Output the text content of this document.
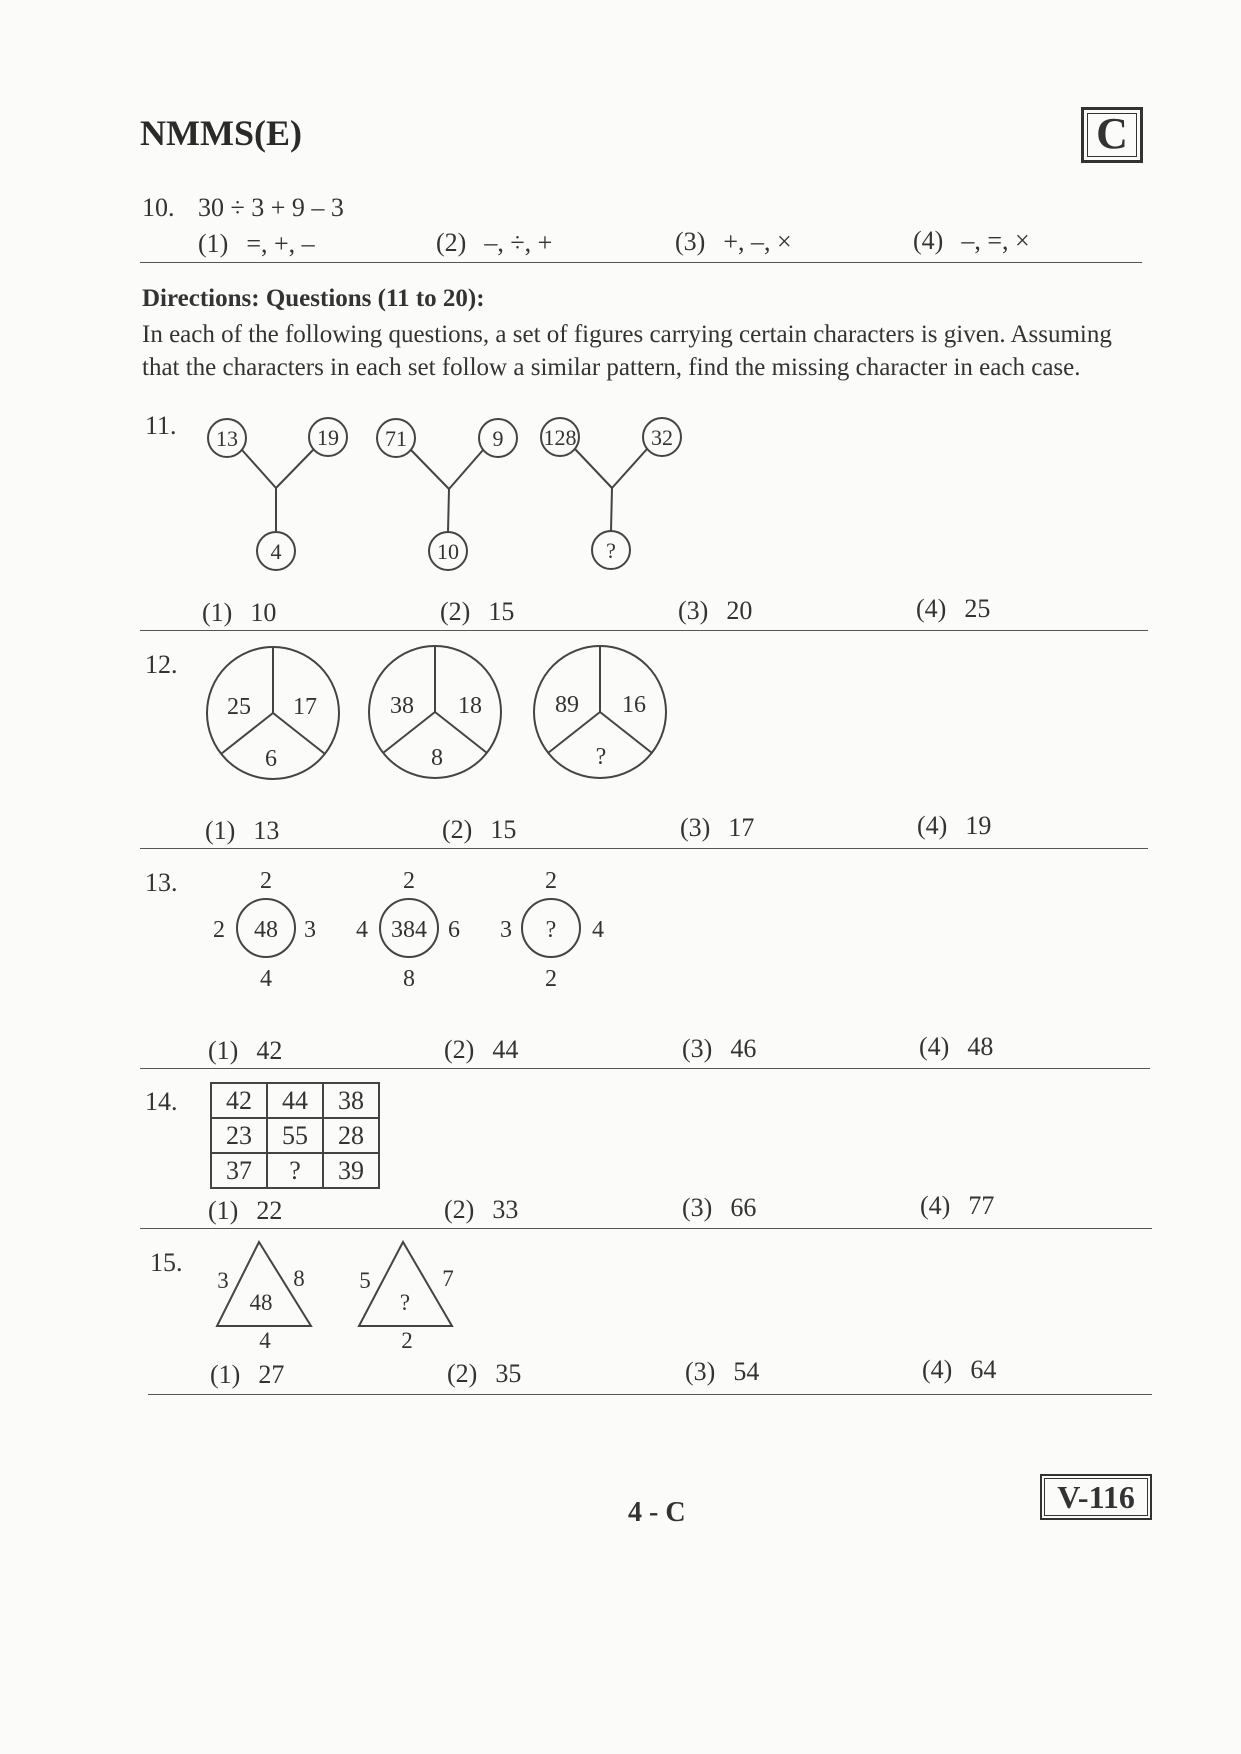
NMMS(E)	C
10. 30 ÷ 3 + 9 – 3
(1) =, +, –	(2) –, ÷, +	(3) +, –, ×	(4) –, =, ×
Directions: Questions (11 to 20):
In each of the following questions, a set of figures carrying certain characters is given. Assuming that the characters in each set follow a similar pattern, find the missing character in each case.
11. 13	19
4
71	9
10
128	32
?
(1) 10	(2) 15	(3) 20	(4) 25
12.
25 17
6
38 18
8
89 16
?
(1) 13	(2) 15	(3) 17	(4) 19
13.	2
2 48 3
4
2
4 384 6
8
2
3 ? 4
2
(1) 42	(2) 44	(3) 46	(4) 48
14. 42	44	38
23	55	28
37	?	39
(1) 22	(2) 33	(3) 66	(4) 77
15.
3	8
48
4
5	7
?
2
(1) 27	(2) 35	(3) 54	(4) 64
4 - C	V-116
